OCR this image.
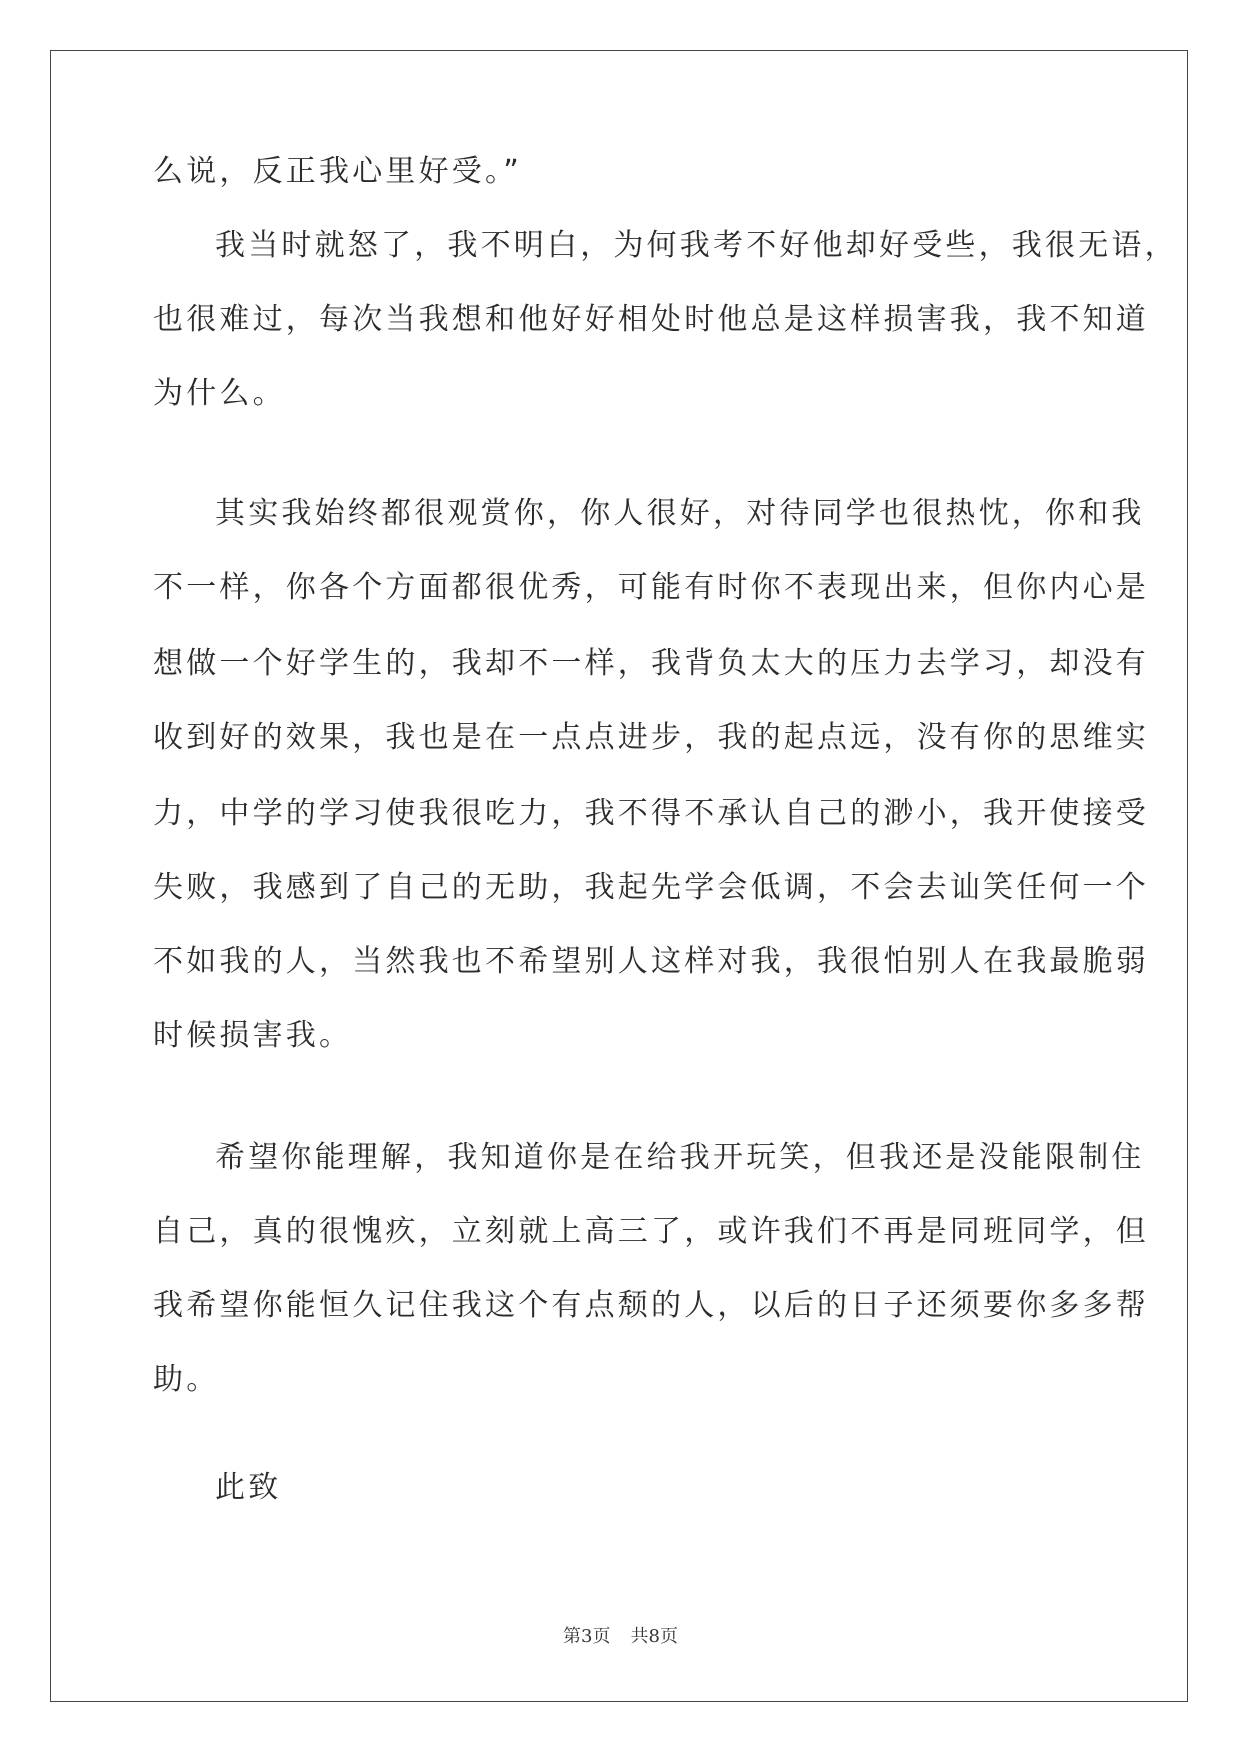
么说，反正我心里好受。”
我当时就怒了，我不明白，为何我考不好他却好受些，我很无语，
也很难过，每次当我想和他好好相处时他总是这样损害我，我不知道
为什么。
其实我始终都很观赏你，你人很好，对待同学也很热忱，你和我
不一样，你各个方面都很优秀，可能有时你不表现出来，但你内心是
想做一个好学生的，我却不一样，我背负太大的压力去学习，却没有
收到好的效果，我也是在一点点进步，我的起点远，没有你的思维实
力，中学的学习使我很吃力，我不得不承认自己的渺小，我开使接受
失败，我感到了自己的无助，我起先学会低调，不会去讪笑任何一个
不如我的人，当然我也不希望别人这样对我，我很怕别人在我最脆弱
时候损害我。
希望你能理解，我知道你是在给我开玩笑，但我还是没能限制住
自己，真的很愧疚，立刻就上高三了，或许我们不再是同班同学，但
我希望你能恒久记住我这个有点颓的人，以后的日子还须要你多多帮
助。
此致
第3页 共8页
